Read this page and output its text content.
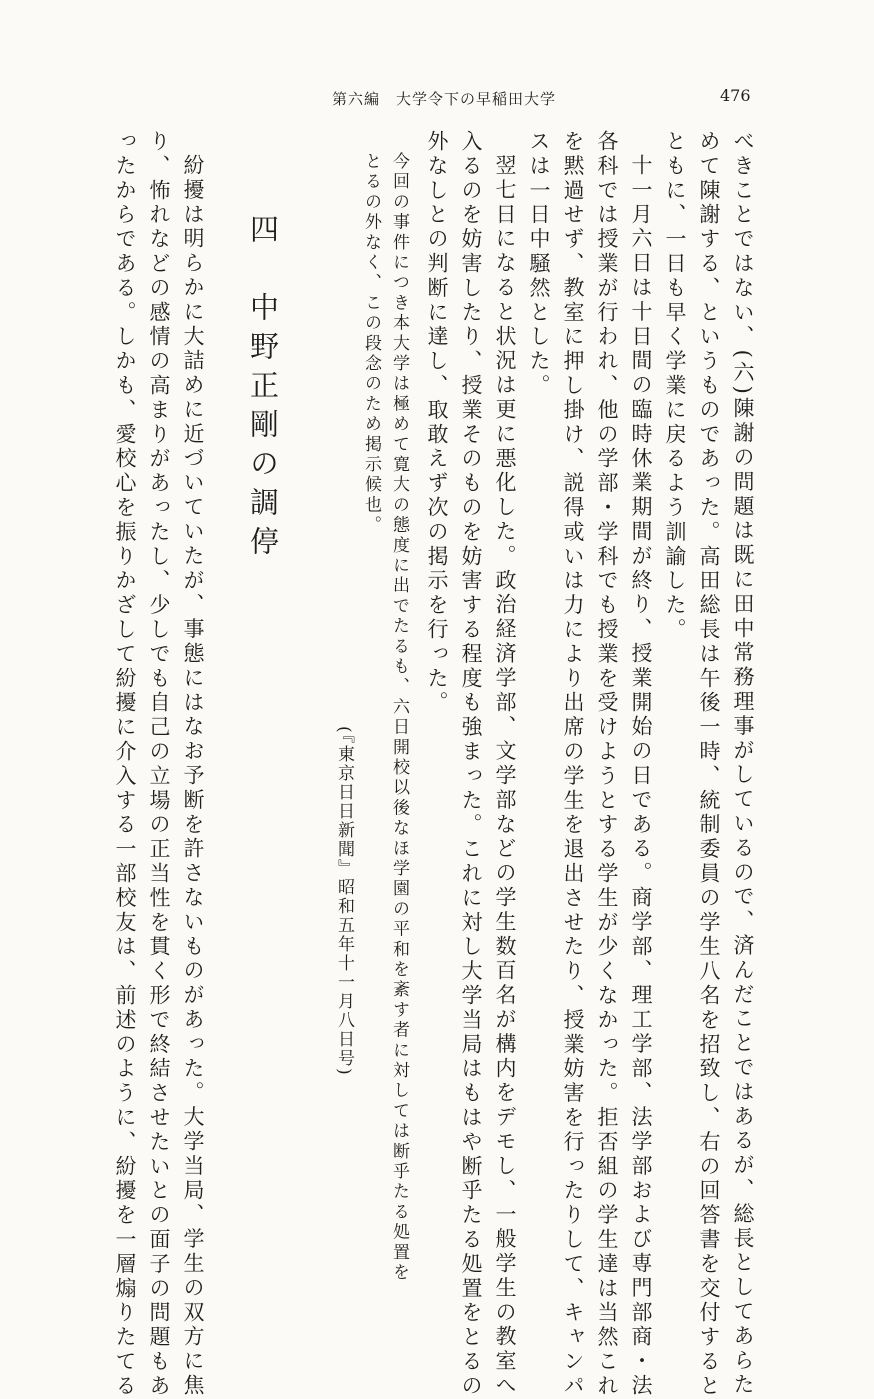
第六編　大学令下の早稲田大学	476
べきことではない、(六)陳謝の問題は既に田中常務理事がしているので、済んだことではあるが、総長としてあらた
めて陳謝する、というものであった。高田総長は午後一時、統制委員の学生八名を招致し、右の回答書を交付すると
ともに、一日も早く学業に戻るよう訓諭した。
十一月六日は十日間の臨時休業期間が終り、授業開始の日である。商学部、理工学部、法学部および専門部商・法
各科では授業が行われ、他の学部・学科でも授業を受けようとする学生が少くなかった。拒否組の学生達は当然これ
を黙過せず、教室に押し掛け、説得或いは力により出席の学生を退出させたり、授業妨害を行ったりして、キャンパ
スは一日中騒然とした。
翌七日になると状況は更に悪化した。政治経済学部、文学部などの学生数百名が構内をデモし、一般学生の教室へ
入るのを妨害したり、授業そのものを妨害する程度も強まった。これに対し大学当局はもはや断乎たる処置をとるの
外なしとの判断に達し、取敢えず次の掲示を行った。
今回の事件につき本大学は極めて寛大の態度に出でたるも、六日開校以後なほ学園の平和を紊す者に対しては断乎たる処置を
とるの外なく、この段念のため掲示候也。
(『東京日日新聞』昭和五年十一月八日号)
四　中野正剛の調停
紛擾は明らかに大詰めに近づいていたが、事態にはなお予断を許さないものがあった。大学当局、学生の双方に焦
り、怖れなどの感情の高まりがあったし、少しでも自己の立場の正当性を貫く形で終結させたいとの面子の問題もあ
ったからである。しかも、愛校心を振りかざして紛擾に介入する一部校友は、前述のように、紛擾を一層煽りたてる
